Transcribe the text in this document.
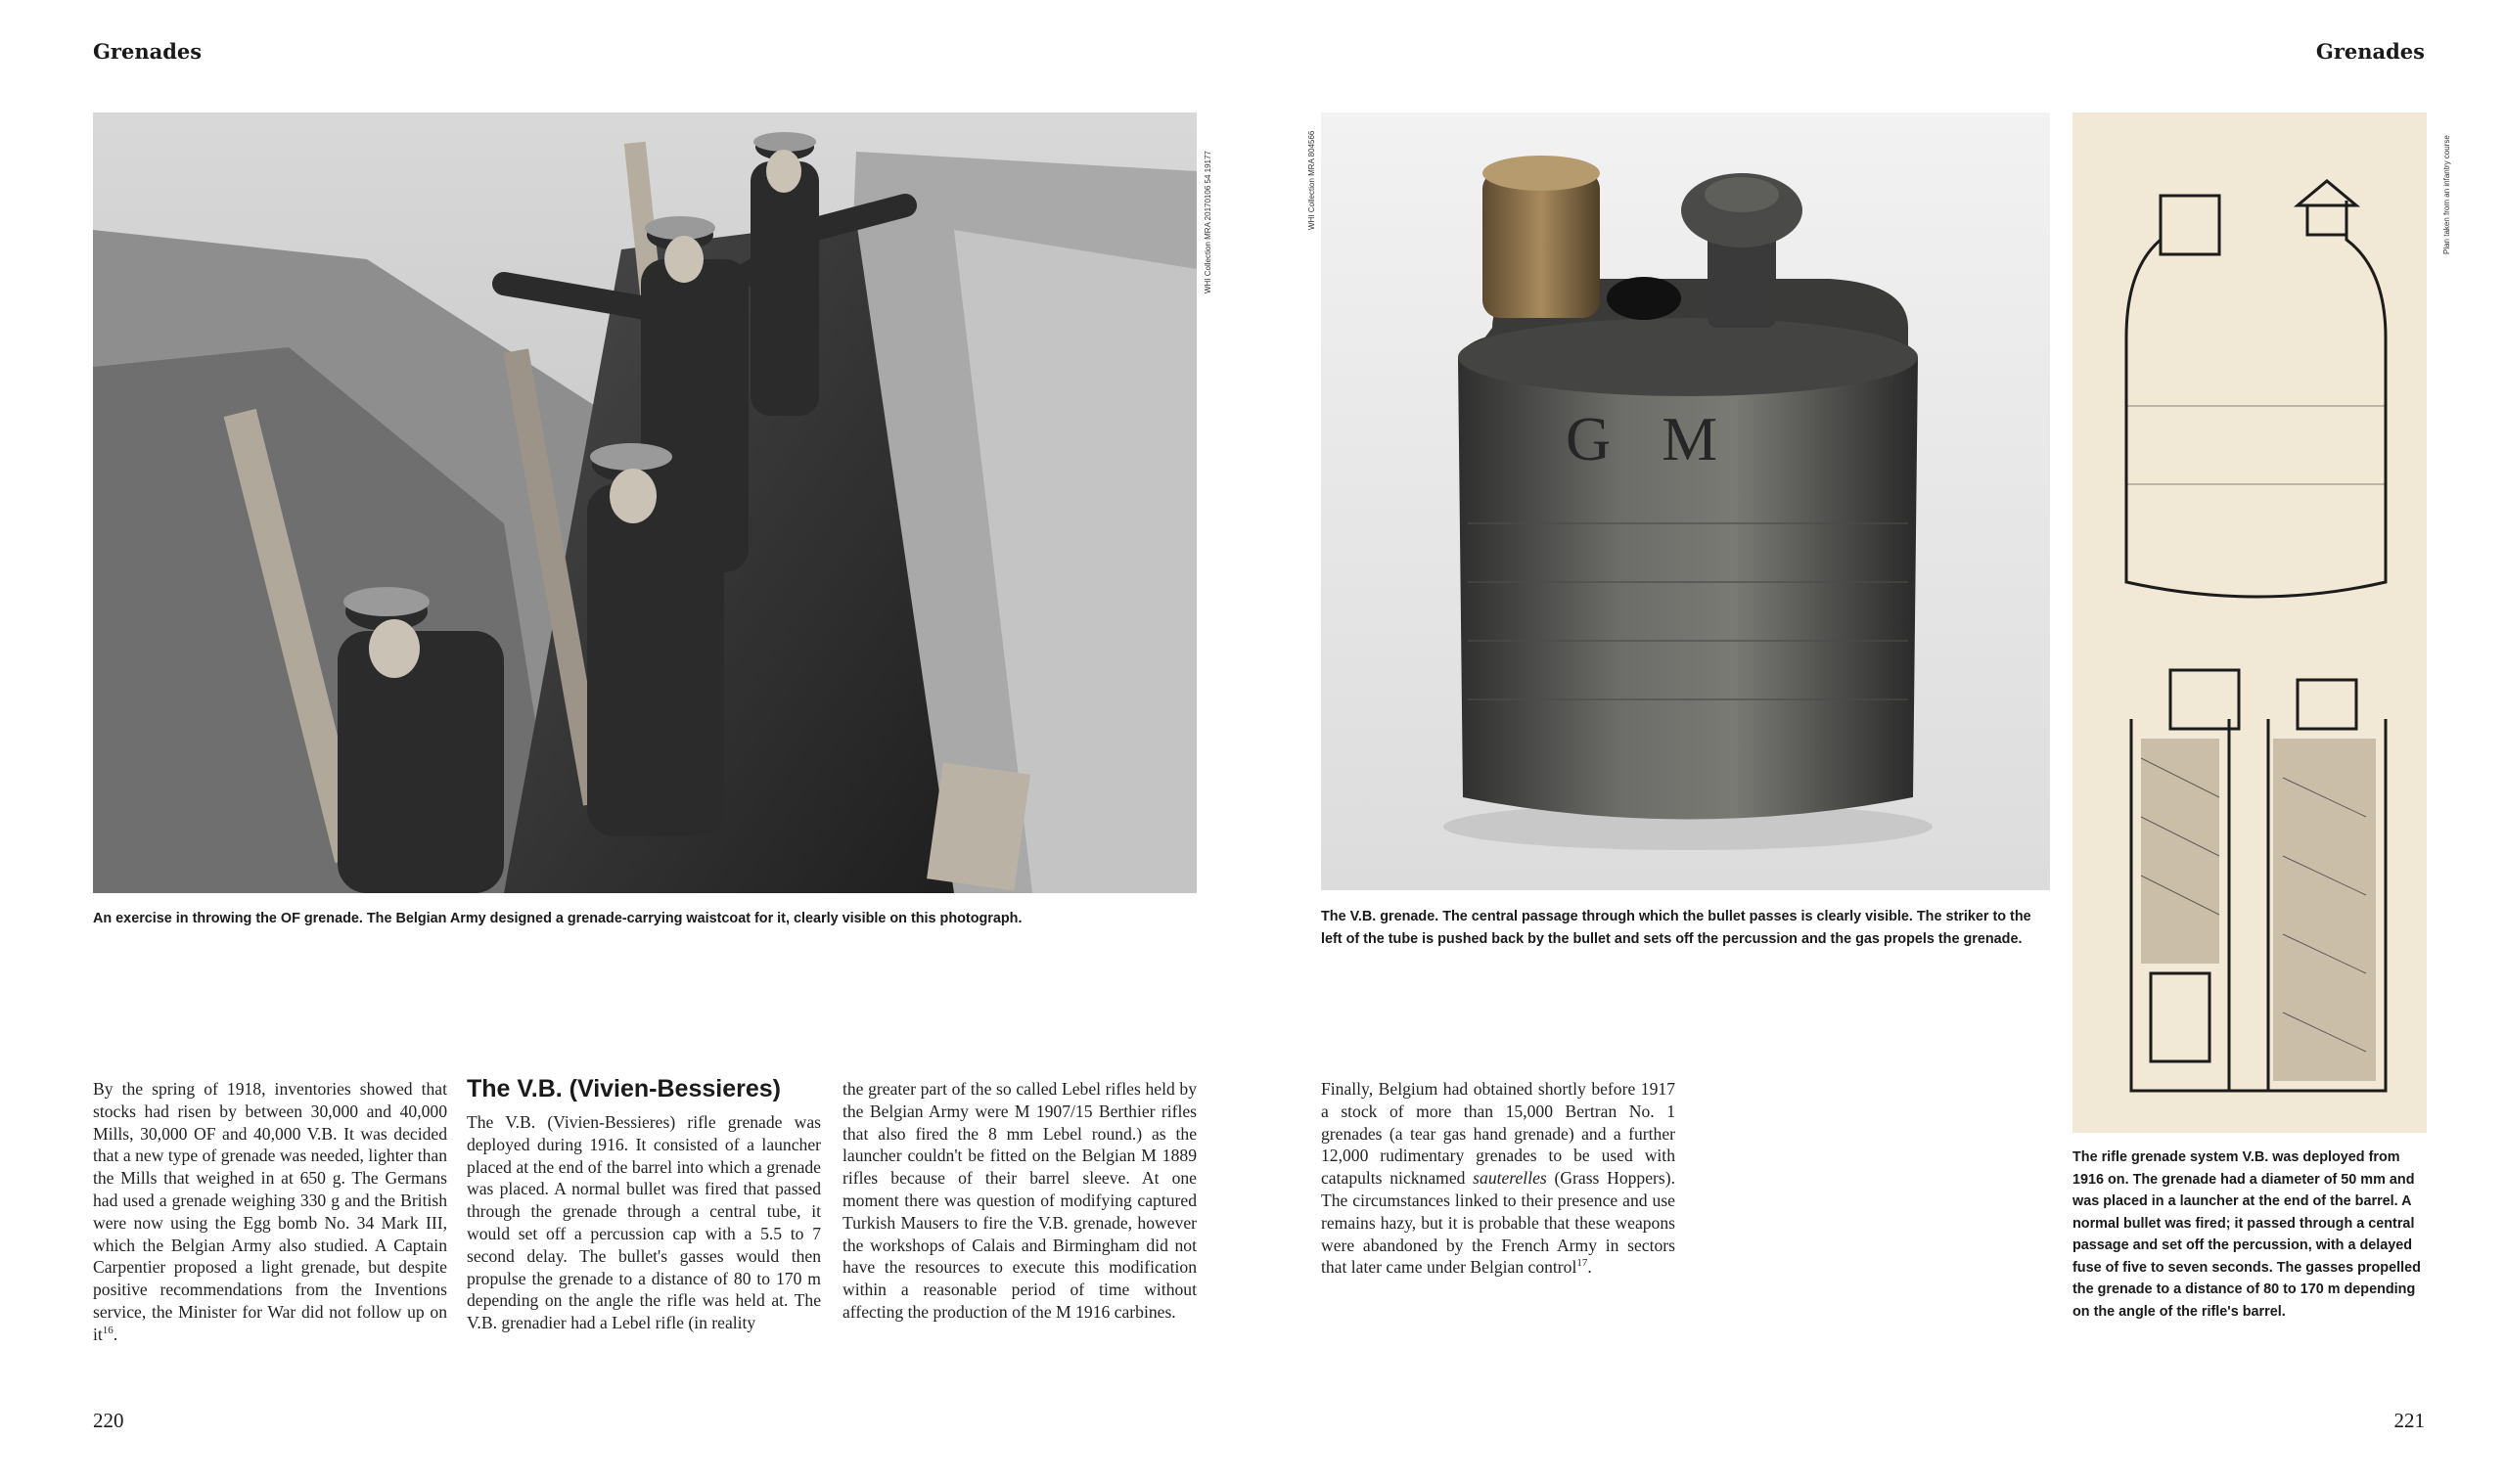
Grenades
WHI Collection MRA 20170106 54 19177
An exercise in throwing the OF grenade. The Belgian Army designed a grenade-carrying waistcoat for it, clearly visible on this photograph.

By the spring of 1918, inventories showed that stocks had risen by between 30,000 and 40,000 Mills, 30,000 OF and 40,000 V.B. It was decided that a new type of grenade was needed, lighter than the Mills that weighed in at 650 g. The Germans had used a grenade weighing 330 g and the British were now using the Egg bomb No. 34 Mark III, which the Belgian Army also studied. A Captain Carpentier proposed a light grenade, but despite positive recommendations from the Inventions service, the Minister for War did not follow up on $it^{16}$.

The V.B. (Vivien-Bessieres)

The V.B. (Vivien-Bessieres) rifle grenade was deployed during 1916. It consisted of a launcher placed at the end of the barrel into which a grenade was placed. A normal bullet was fired that passed through the grenade through a central tube, it would set off a percussion cap with a 5.5 to 7 second delay. The bullet's gasses would then propulse the grenade to a distance of 80 to 170 m depending on the angle the rifle was held at. The V.B. grenadier had a Lebel rifle (in reality

the greater part of the so called Lebel rifles held by the Belgian Army were M 1907/15 Berthier rifles that also fired the 8 mm Lebel round.) as the launcher couldn't be fitted on the Belgian M 1889 rifles because of their barrel sleeve. At one moment there was question of modifying captured Turkish Mausers to fire the V.B. grenade, however the workshops of Calais and Birmingham did not have the resources to execute this modification within a reasonable period of time without affecting the production of the M 1916 carbines.

220
Grenades
WHI Collection MRA 804566
G M
The V.B. grenade. The central passage through which the bullet passes is clearly visible. The striker to the left of the tube is pushed back by the bullet and sets off the percussion and the gas propels the grenade.
Plan taken from an infantry course
The rifle grenade system V.B. was deployed from 1916 on. The grenade had a diameter of 50 mm and was placed in a launcher at the end of the barrel. A normal bullet was fired; it passed through a central passage and set off the percussion, with a delayed fuse of five to seven seconds. The gasses propelled the grenade to a distance of 80 to 170 m depending on the angle of the rifle's barrel.

Finally, Belgium had obtained shortly before 1917 a stock of more than 15,000 Bertran No. 1 grenades (a tear gas hand grenade) and a further 12,000 rudimentary grenades to be used with catapults nicknamed sauterelles (Grass Hoppers). The circumstances linked to their presence and use remains hazy, but it is probable that these weapons were abandoned by the French Army in sectors that later came under Belgian control$^{17}$.

221
